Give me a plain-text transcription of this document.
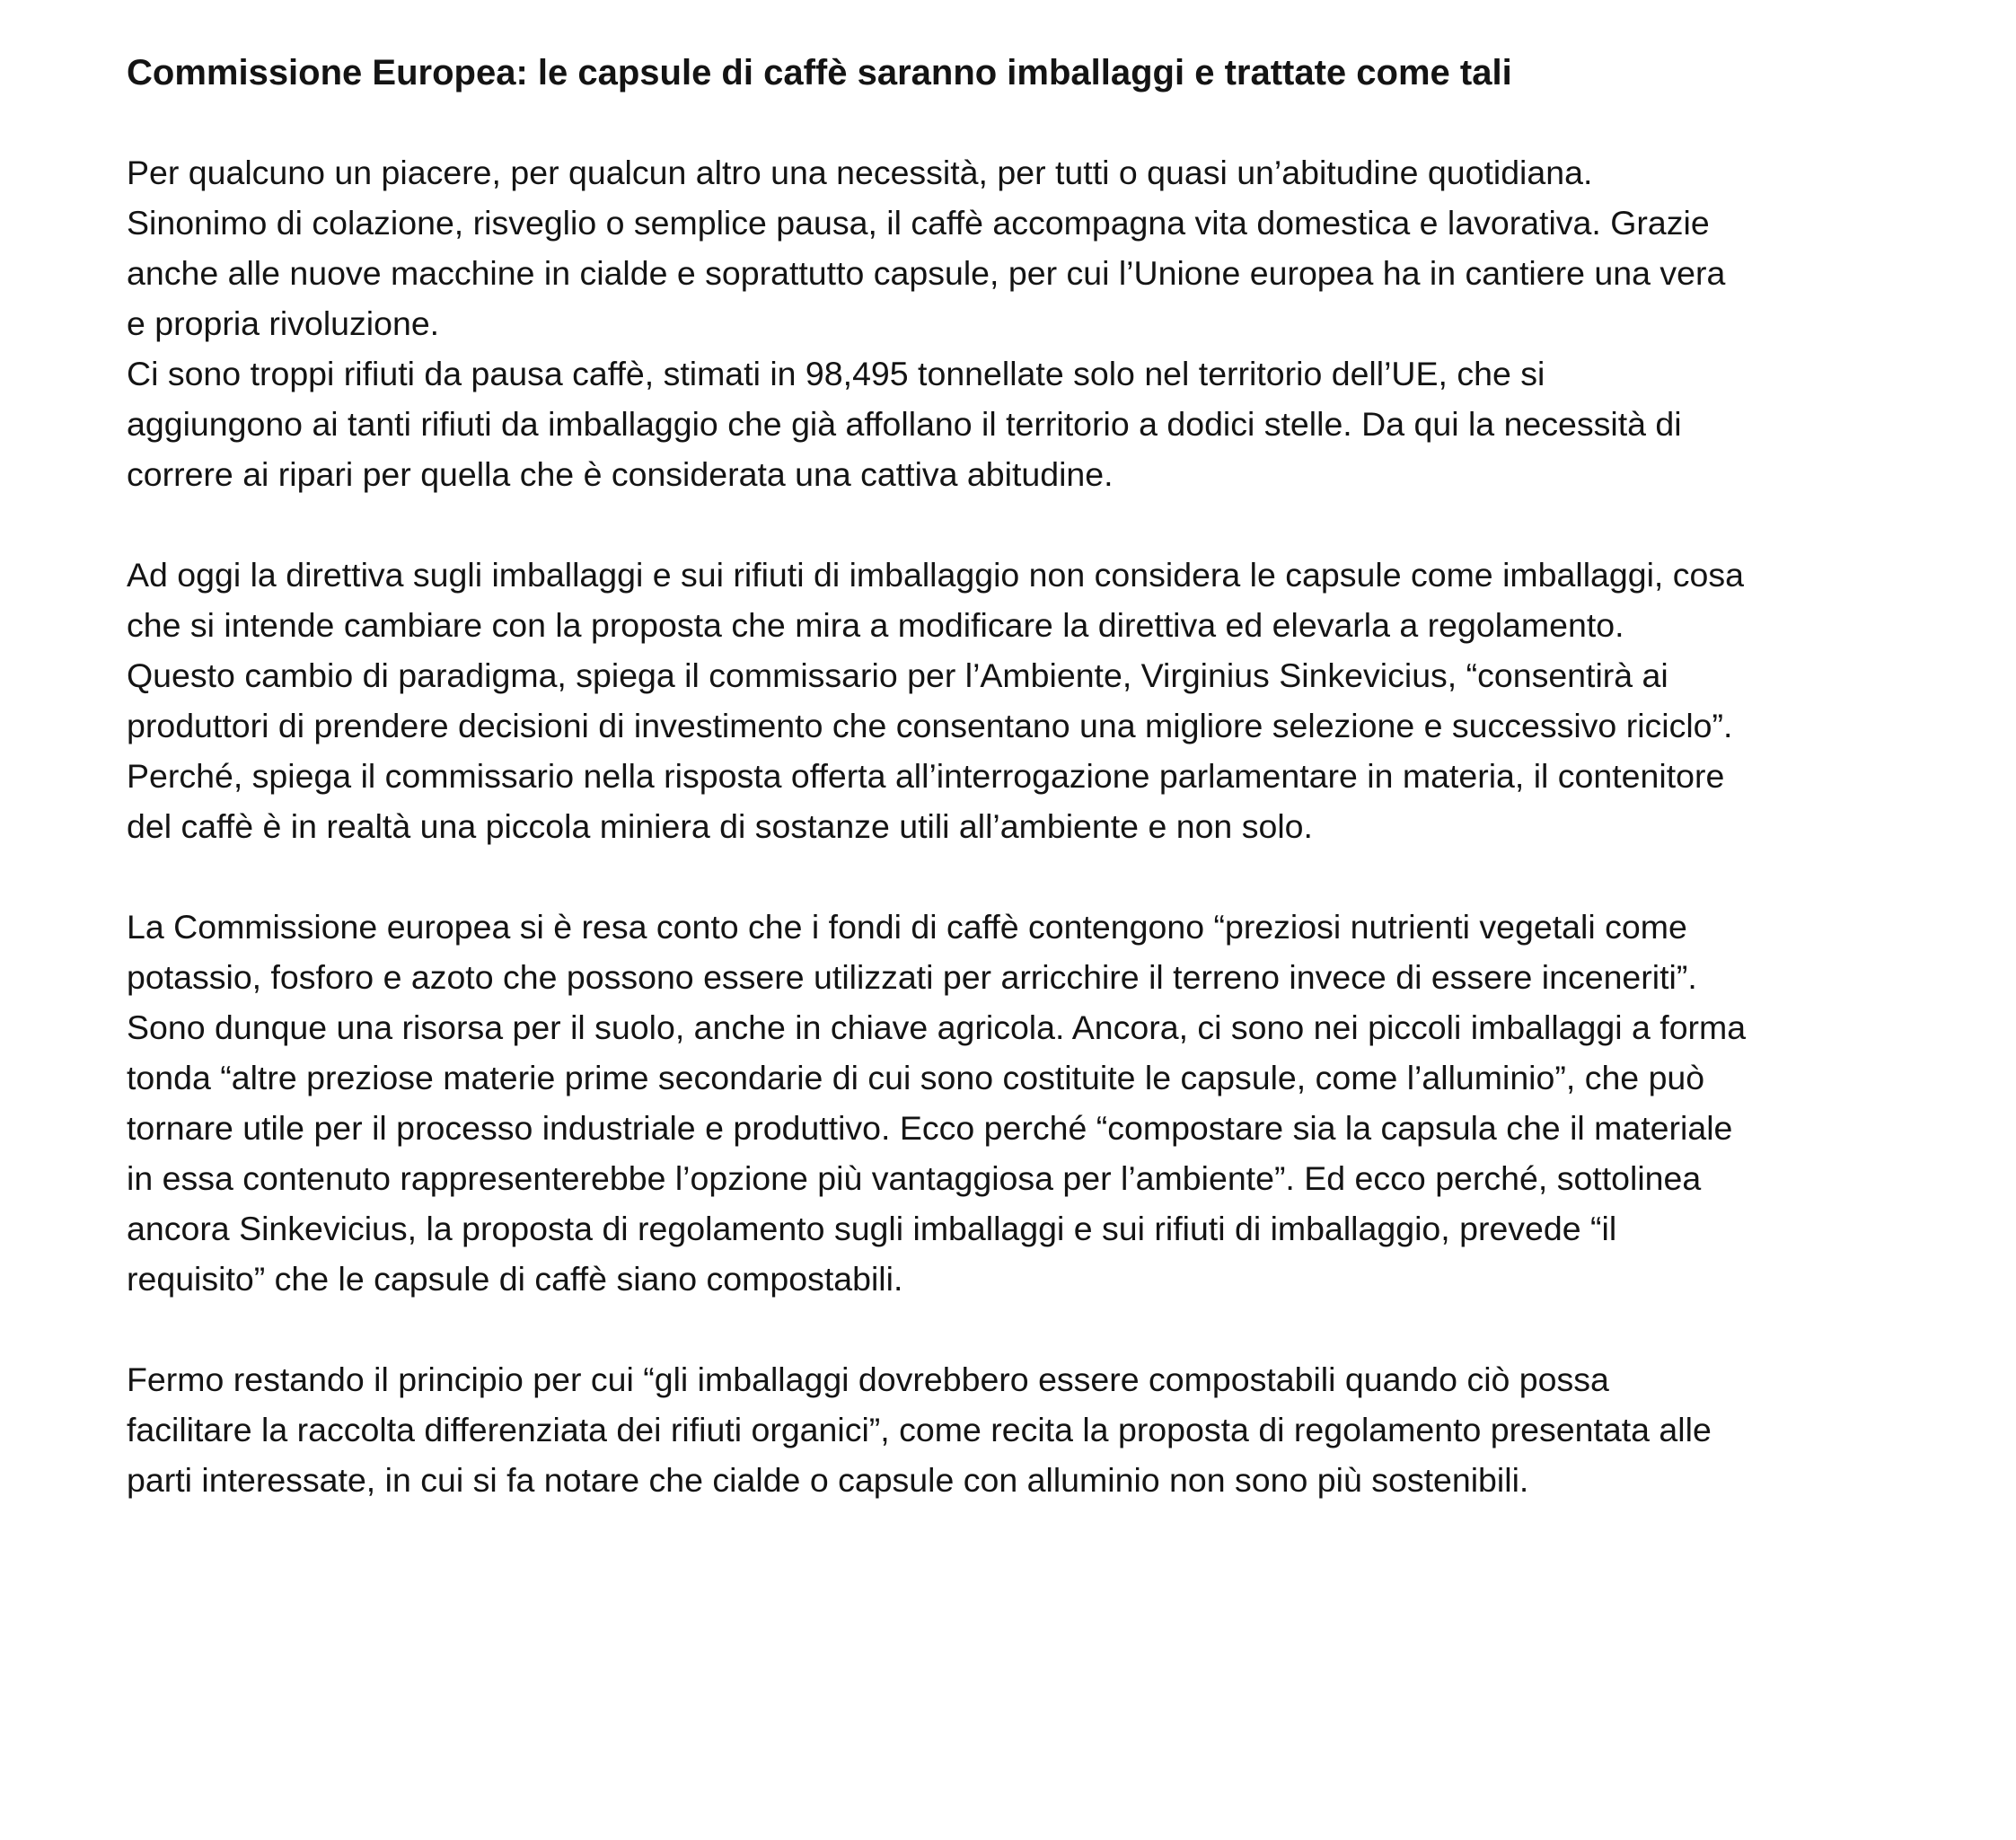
Commissione Europea: le capsule di caffè saranno imballaggi e trattate come tali
Per qualcuno un piacere, per qualcun altro una necessità, per tutti o quasi un’abitudine quotidiana.
Sinonimo di colazione, risveglio o semplice pausa, il caffè accompagna vita domestica e lavorativa. Grazie
anche alle nuove macchine in cialde e soprattutto capsule, per cui l’Unione europea ha in cantiere una vera
e propria rivoluzione.
Ci sono troppi rifiuti da pausa caffè, stimati in 98,495 tonnellate solo nel territorio dell’UE, che si
aggiungono ai tanti rifiuti da imballaggio che già affollano il territorio a dodici stelle. Da qui la necessità di
correre ai ripari per quella che è considerata una cattiva abitudine.
Ad oggi la direttiva sugli imballaggi e sui rifiuti di imballaggio non considera le capsule come imballaggi, cosa
che si intende cambiare con la proposta che mira a modificare la direttiva ed elevarla a regolamento.
Questo cambio di paradigma, spiega il commissario per l’Ambiente, Virginius Sinkevicius, “consentirà ai
produttori di prendere decisioni di investimento che consentano una migliore selezione e successivo riciclo”.
Perché, spiega il commissario nella risposta offerta all’interrogazione parlamentare in materia, il contenitore
del caffè è in realtà una piccola miniera di sostanze utili all’ambiente e non solo.
La Commissione europea si è resa conto che i fondi di caffè contengono “preziosi nutrienti vegetali come
potassio, fosforo e azoto che possono essere utilizzati per arricchire il terreno invece di essere inceneriti”.
Sono dunque una risorsa per il suolo, anche in chiave agricola. Ancora, ci sono nei piccoli imballaggi a forma
tonda “altre preziose materie prime secondarie di cui sono costituite le capsule, come l’alluminio”, che può
tornare utile per il processo industriale e produttivo. Ecco perché “compostare sia la capsula che il materiale
in essa contenuto rappresenterebbe l’opzione più vantaggiosa per l’ambiente”. Ed ecco perché, sottolinea
ancora Sinkevicius, la proposta di regolamento sugli imballaggi e sui rifiuti di imballaggio, prevede “il
requisito” che le capsule di caffè siano compostabili.
Fermo restando il principio per cui “gli imballaggi dovrebbero essere compostabili quando ciò possa
facilitare la raccolta differenziata dei rifiuti organici”, come recita la proposta di regolamento presentata alle
parti interessate, in cui si fa notare che cialde o capsule con alluminio non sono più sostenibili.
